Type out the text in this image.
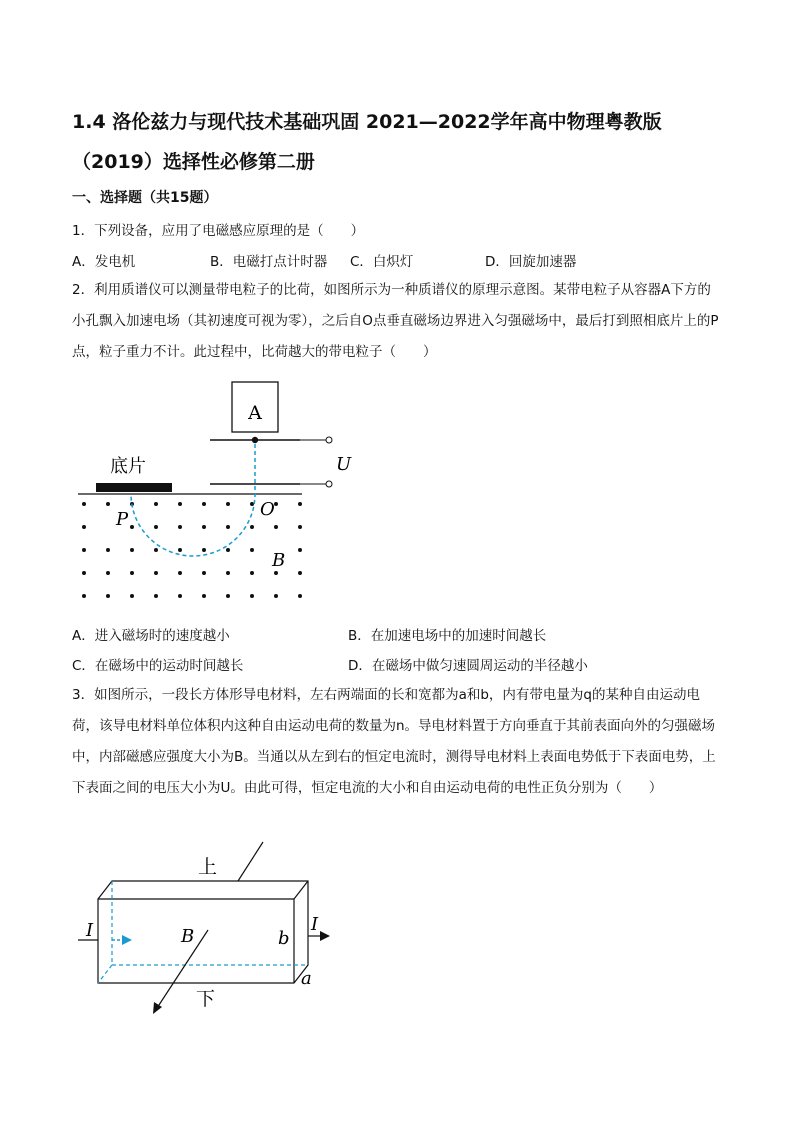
1.4 洛伦兹力与现代技术基础巩固 2021—2022学年高中物理粤教版（2019）选择性必修第二册
一、选择题（共15题）
1．下列设备，应用了电磁感应原理的是（　　）
A．发电机	B．电磁打点计时器 C．白炽灯	D．回旋加速器
2．利用质谱仪可以测量带电粒子的比荷，如图所示为一种质谱仪的原理示意图。某带电粒子从容器A下方的小孔飘入加速电场（其初速度可视为零），之后自O点垂直磁场边界进入匀强磁场中，最后打到照相底片上的P点，粒子重力不计。此过程中，比荷越大的带电粒子（　　）
A
U
底片
P	O
B
A．进入磁场时的速度越小	B．在加速电场中的加速时间越长
C．在磁场中的运动时间越长	D．在磁场中做匀速圆周运动的半径越小
3．如图所示，一段长方体形导电材料，左右两端面的长和宽都为a和b，内有带电量为q的某种自由运动电荷，该导电材料单位体积内这种自由运动电荷的数量为n。导电材料置于方向垂直于其前表面向外的匀强磁场中，内部磁感应强度大小为B。当通以从左到右的恒定电流时，测得导电材料上表面电势低于下表面电势，上下表面之间的电压大小为U。由此可得，恒定电流的大小和自由运动电荷的电性正负分别为（　　）
上
下
I	I
B	b
a
